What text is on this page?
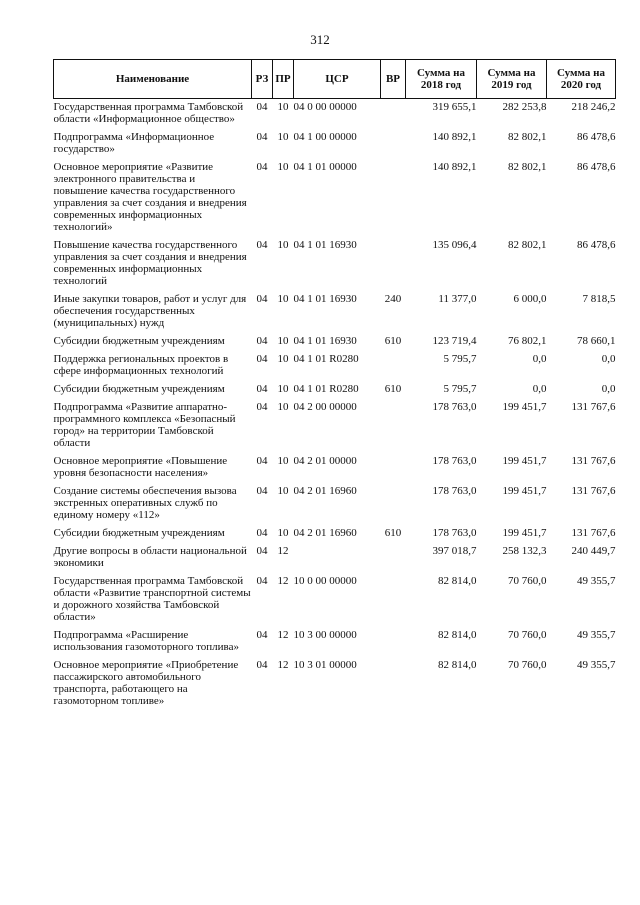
312
Наименование	РЗ	ПР	ЦСР	ВР	Сумма на 2018 год	Сумма на 2019 год	Сумма на 2020 год
Государственная программа Тамбовской области «Информационное общество»	04	10	04 0 00 00000		319 655,1	282 253,8	218 246,2
Подпрограмма «Информационное государство»	04	10	04 1 00 00000		140 892,1	82 802,1	86 478,6
Основное мероприятие «Развитие электронного правительства и повышение качества государственного управления за счет создания и внедрения современных информационных технологий»	04	10	04 1 01 00000		140 892,1	82 802,1	86 478,6
Повышение качества государственного управления за счет создания и внедрения современных информационных технологий	04	10	04 1 01 16930		135 096,4	82 802,1	86 478,6
Иные закупки товаров, работ и услуг для обеспечения государственных (муниципальных) нужд	04	10	04 1 01 16930	240	11 377,0	6 000,0	7 818,5
Субсидии бюджетным учреждениям	04	10	04 1 01 16930	610	123 719,4	76 802,1	78 660,1
Поддержка региональных проектов в сфере информационных технологий	04	10	04 1 01 R0280		5 795,7	0,0	0,0
Субсидии бюджетным учреждениям	04	10	04 1 01 R0280	610	5 795,7	0,0	0,0
Подпрограмма «Развитие аппаратно-программного комплекса «Безопасный город» на территории Тамбовской области	04	10	04 2 00 00000		178 763,0	199 451,7	131 767,6
Основное мероприятие «Повышение уровня безопасности населения»	04	10	04 2 01 00000		178 763,0	199 451,7	131 767,6
Создание системы обеспечения вызова экстренных оперативных служб по единому номеру «112»	04	10	04 2 01 16960		178 763,0	199 451,7	131 767,6
Субсидии бюджетным учреждениям	04	10	04 2 01 16960	610	178 763,0	199 451,7	131 767,6
Другие вопросы в области национальной экономики	04	12			397 018,7	258 132,3	240 449,7
Государственная программа Тамбовской области «Развитие транспортной системы и дорожного хозяйства Тамбовской области»	04	12	10 0 00 00000		82 814,0	70 760,0	49 355,7
Подпрограмма «Расширение использования газомоторного топлива»	04	12	10 3 00 00000		82 814,0	70 760,0	49 355,7
Основное мероприятие «Приобретение пассажирского автомобильного транспорта, работающего на газомоторном топливе»	04	12	10 3 01 00000		82 814,0	70 760,0	49 355,7
